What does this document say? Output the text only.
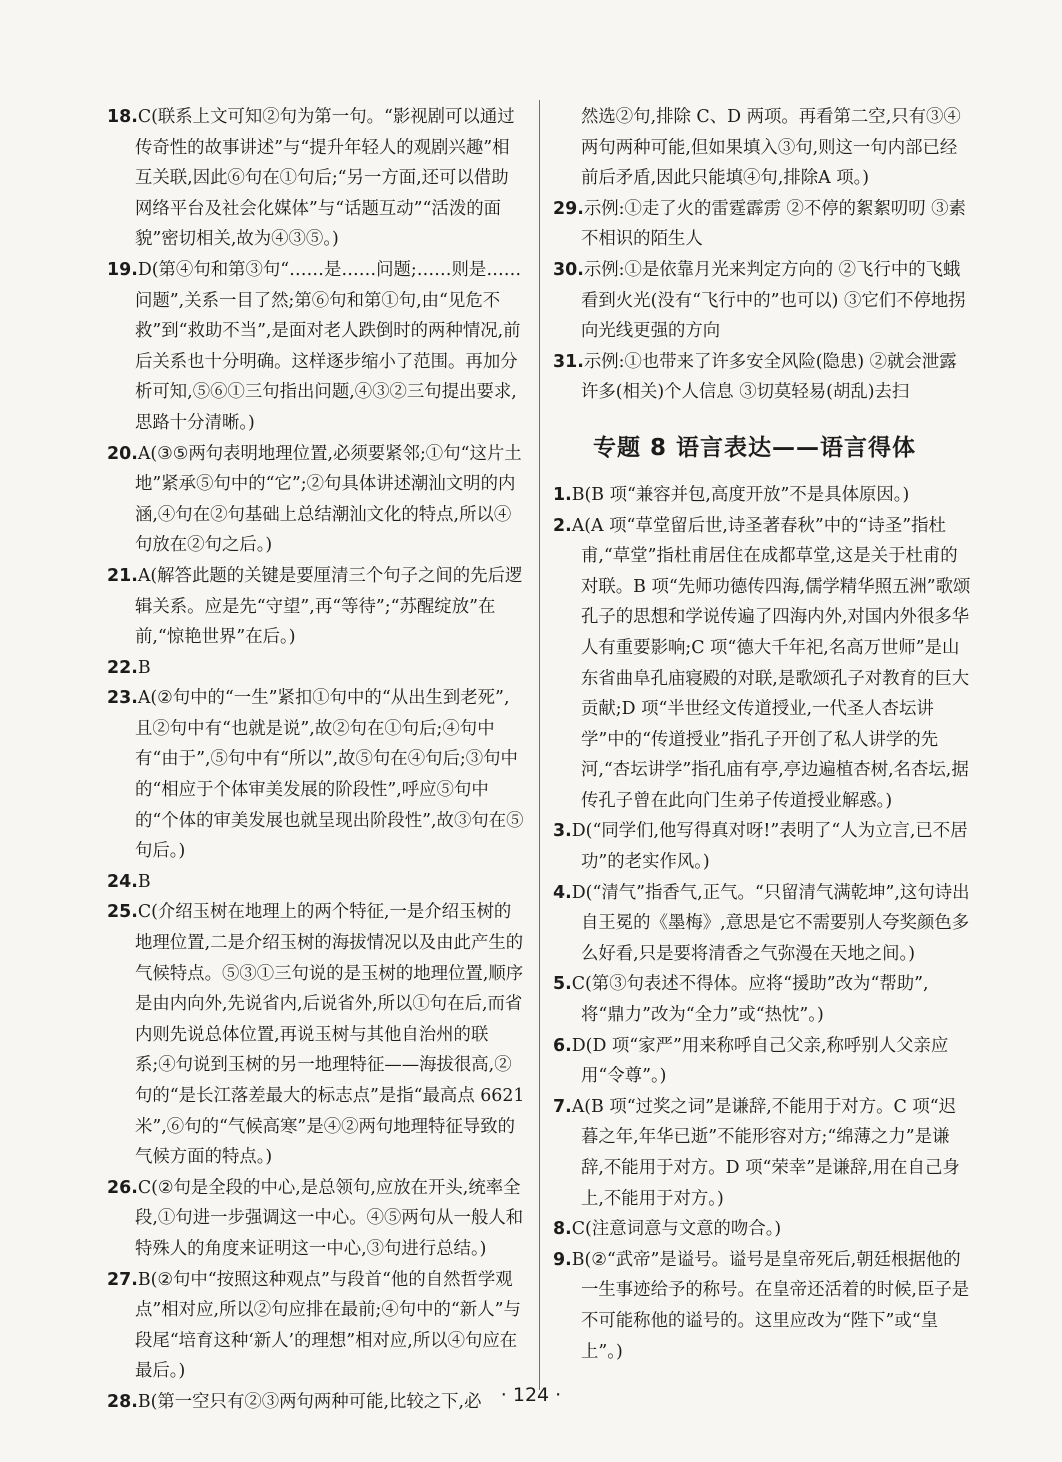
18.C(联系上文可知②句为第一句。“影视剧可以通过传奇性的故事讲述”与“提升年轻人的观剧兴趣”相互关联,因此⑥句在①句后;“另一方面,还可以借助网络平台及社会化媒体”与“话题互动”“活泼的面貌”密切相关,故为④③⑤。)
19.D(第④句和第③句“……是……问题;……则是……问题”,关系一目了然;第⑥句和第①句,由“见危不救”到“救助不当”,是面对老人跌倒时的两种情况,前后关系也十分明确。这样逐步缩小了范围。再加分析可知,⑤⑥①三句指出问题,④③②三句提出要求,思路十分清晰。)
20.A(③⑤两句表明地理位置,必须要紧邻;①句“这片土地”紧承⑤句中的“它”;②句具体讲述潮汕文明的内涵,④句在②句基础上总结潮汕文化的特点,所以④句放在②句之后。)
21.A(解答此题的关键是要厘清三个句子之间的先后逻辑关系。应是先“守望”,再“等待”;“苏醒绽放”在前,“惊艳世界”在后。)
22.B
23.A(②句中的“一生”紧扣①句中的“从出生到老死”,且②句中有“也就是说”,故②句在①句后;④句中有“由于”,⑤句中有“所以”,故⑤句在④句后;③句中的“相应于个体审美发展的阶段性”,呼应⑤句中的“个体的审美发展也就呈现出阶段性”,故③句在⑤句后。)
24.B
25.C(介绍玉树在地理上的两个特征,一是介绍玉树的地理位置,二是介绍玉树的海拔情况以及由此产生的气候特点。⑤③①三句说的是玉树的地理位置,顺序是由内向外,先说省内,后说省外,所以①句在后,而省内则先说总体位置,再说玉树与其他自治州的联系;④句说到玉树的另一地理特征——海拔很高,②句的“是长江落差最大的标志点”是指“最高点 6621 米”,⑥句的“气候高寒”是④②两句地理特征导致的气候方面的特点。)
26.C(②句是全段的中心,是总领句,应放在开头,统率全段,①句进一步强调这一中心。④⑤两句从一般人和特殊人的角度来证明这一中心,③句进行总结。)
27.B(②句中“按照这种观点”与段首“他的自然哲学观点”相对应,所以②句应排在最前;④句中的“新人”与段尾“培育这种‘新人’的理想”相对应,所以④句应在最后。)
28.B(第一空只有②③两句两种可能,比较之下,必
然选②句,排除 C、D 两项。再看第二空,只有③④两句两种可能,但如果填入③句,则这一句内部已经前后矛盾,因此只能填④句,排除A 项。)
29.示例:①走了火的雷霆霹雳 ②不停的絮絮叨叨 ③素不相识的陌生人
30.示例:①是依靠月光来判定方向的 ②飞行中的飞蛾看到火光(没有“飞行中的”也可以) ③它们不停地拐向光线更强的方向
31.示例:①也带来了许多安全风险(隐患) ②就会泄露许多(相关)个人信息 ③切莫轻易(胡乱)去扫
专题 8 语言表达——语言得体
1.B(B 项“兼容并包,高度开放”不是具体原因。)
2.A(A 项“草堂留后世,诗圣著春秋”中的“诗圣”指杜甫,“草堂”指杜甫居住在成都草堂,这是关于杜甫的对联。B 项“先师功德传四海,儒学精华照五洲”歌颂孔子的思想和学说传遍了四海内外,对国内外很多华人有重要影响;C 项“德大千年祀,名高万世师”是山东省曲阜孔庙寝殿的对联,是歌颂孔子对教育的巨大贡献;D 项“半世经文传道授业,一代圣人杏坛讲学”中的“传道授业”指孔子开创了私人讲学的先河,“杏坛讲学”指孔庙有亭,亭边遍植杏树,名杏坛,据传孔子曾在此向门生弟子传道授业解惑。)
3.D(“同学们,他写得真对呀!”表明了“人为立言,已不居功”的老实作风。)
4.D(“清气”指香气,正气。“只留清气满乾坤”,这句诗出自王冕的《墨梅》,意思是它不需要别人夸奖颜色多么好看,只是要将清香之气弥漫在天地之间。)
5.C(第③句表述不得体。应将“援助”改为“帮助”,将“鼎力”改为“全力”或“热忱”。)
6.D(D 项“家严”用来称呼自己父亲,称呼别人父亲应用“令尊”。)
7.A(B 项“过奖之词”是谦辞,不能用于对方。C 项“迟暮之年,年华已逝”不能形容对方;“绵薄之力”是谦辞,不能用于对方。D 项“荣幸”是谦辞,用在自己身上,不能用于对方。)
8.C(注意词意与文意的吻合。)
9.B(②“武帝”是谥号。谥号是皇帝死后,朝廷根据他的一生事迹给予的称号。在皇帝还活着的时候,臣子是不可能称他的谥号的。这里应改为“陛下”或“皇上”。)
· 124 ·
